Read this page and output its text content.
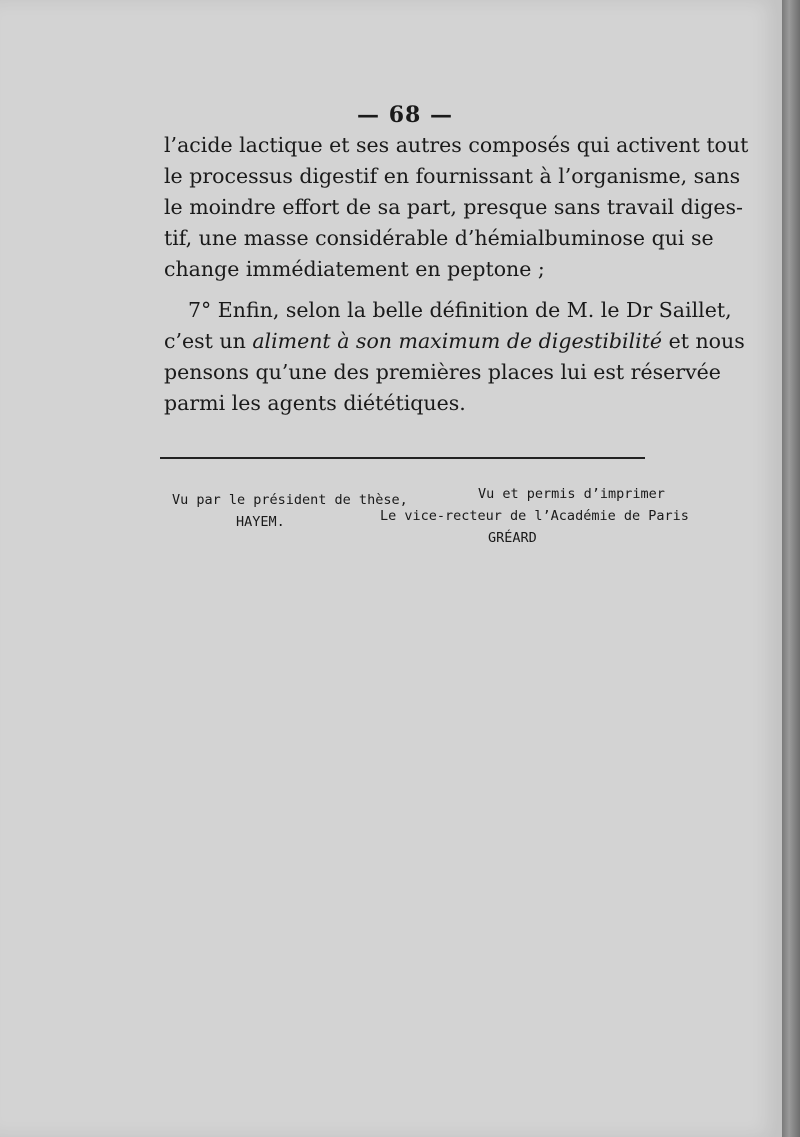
— 68 —
l’acide lactique et ses autres composés qui activent tout
le processus digestif en fournissant à l’organisme, sans
le moindre effort de sa part, presque sans travail diges-
tif, une masse considérable d’hémialbuminose qui se
change immédiatement en peptone ;
7° Enfin, selon la belle définition de M. le Dr Saillet,
c’est un aliment à son maximum de digestibilité et nous
pensons qu’une des premières places lui est réservée
parmi les agents diététiques.
Vu par le président de thèse,
HAYEM.
Vu et permis d’imprimer
Le vice-recteur de l’Académie de Paris
GRÉARD
